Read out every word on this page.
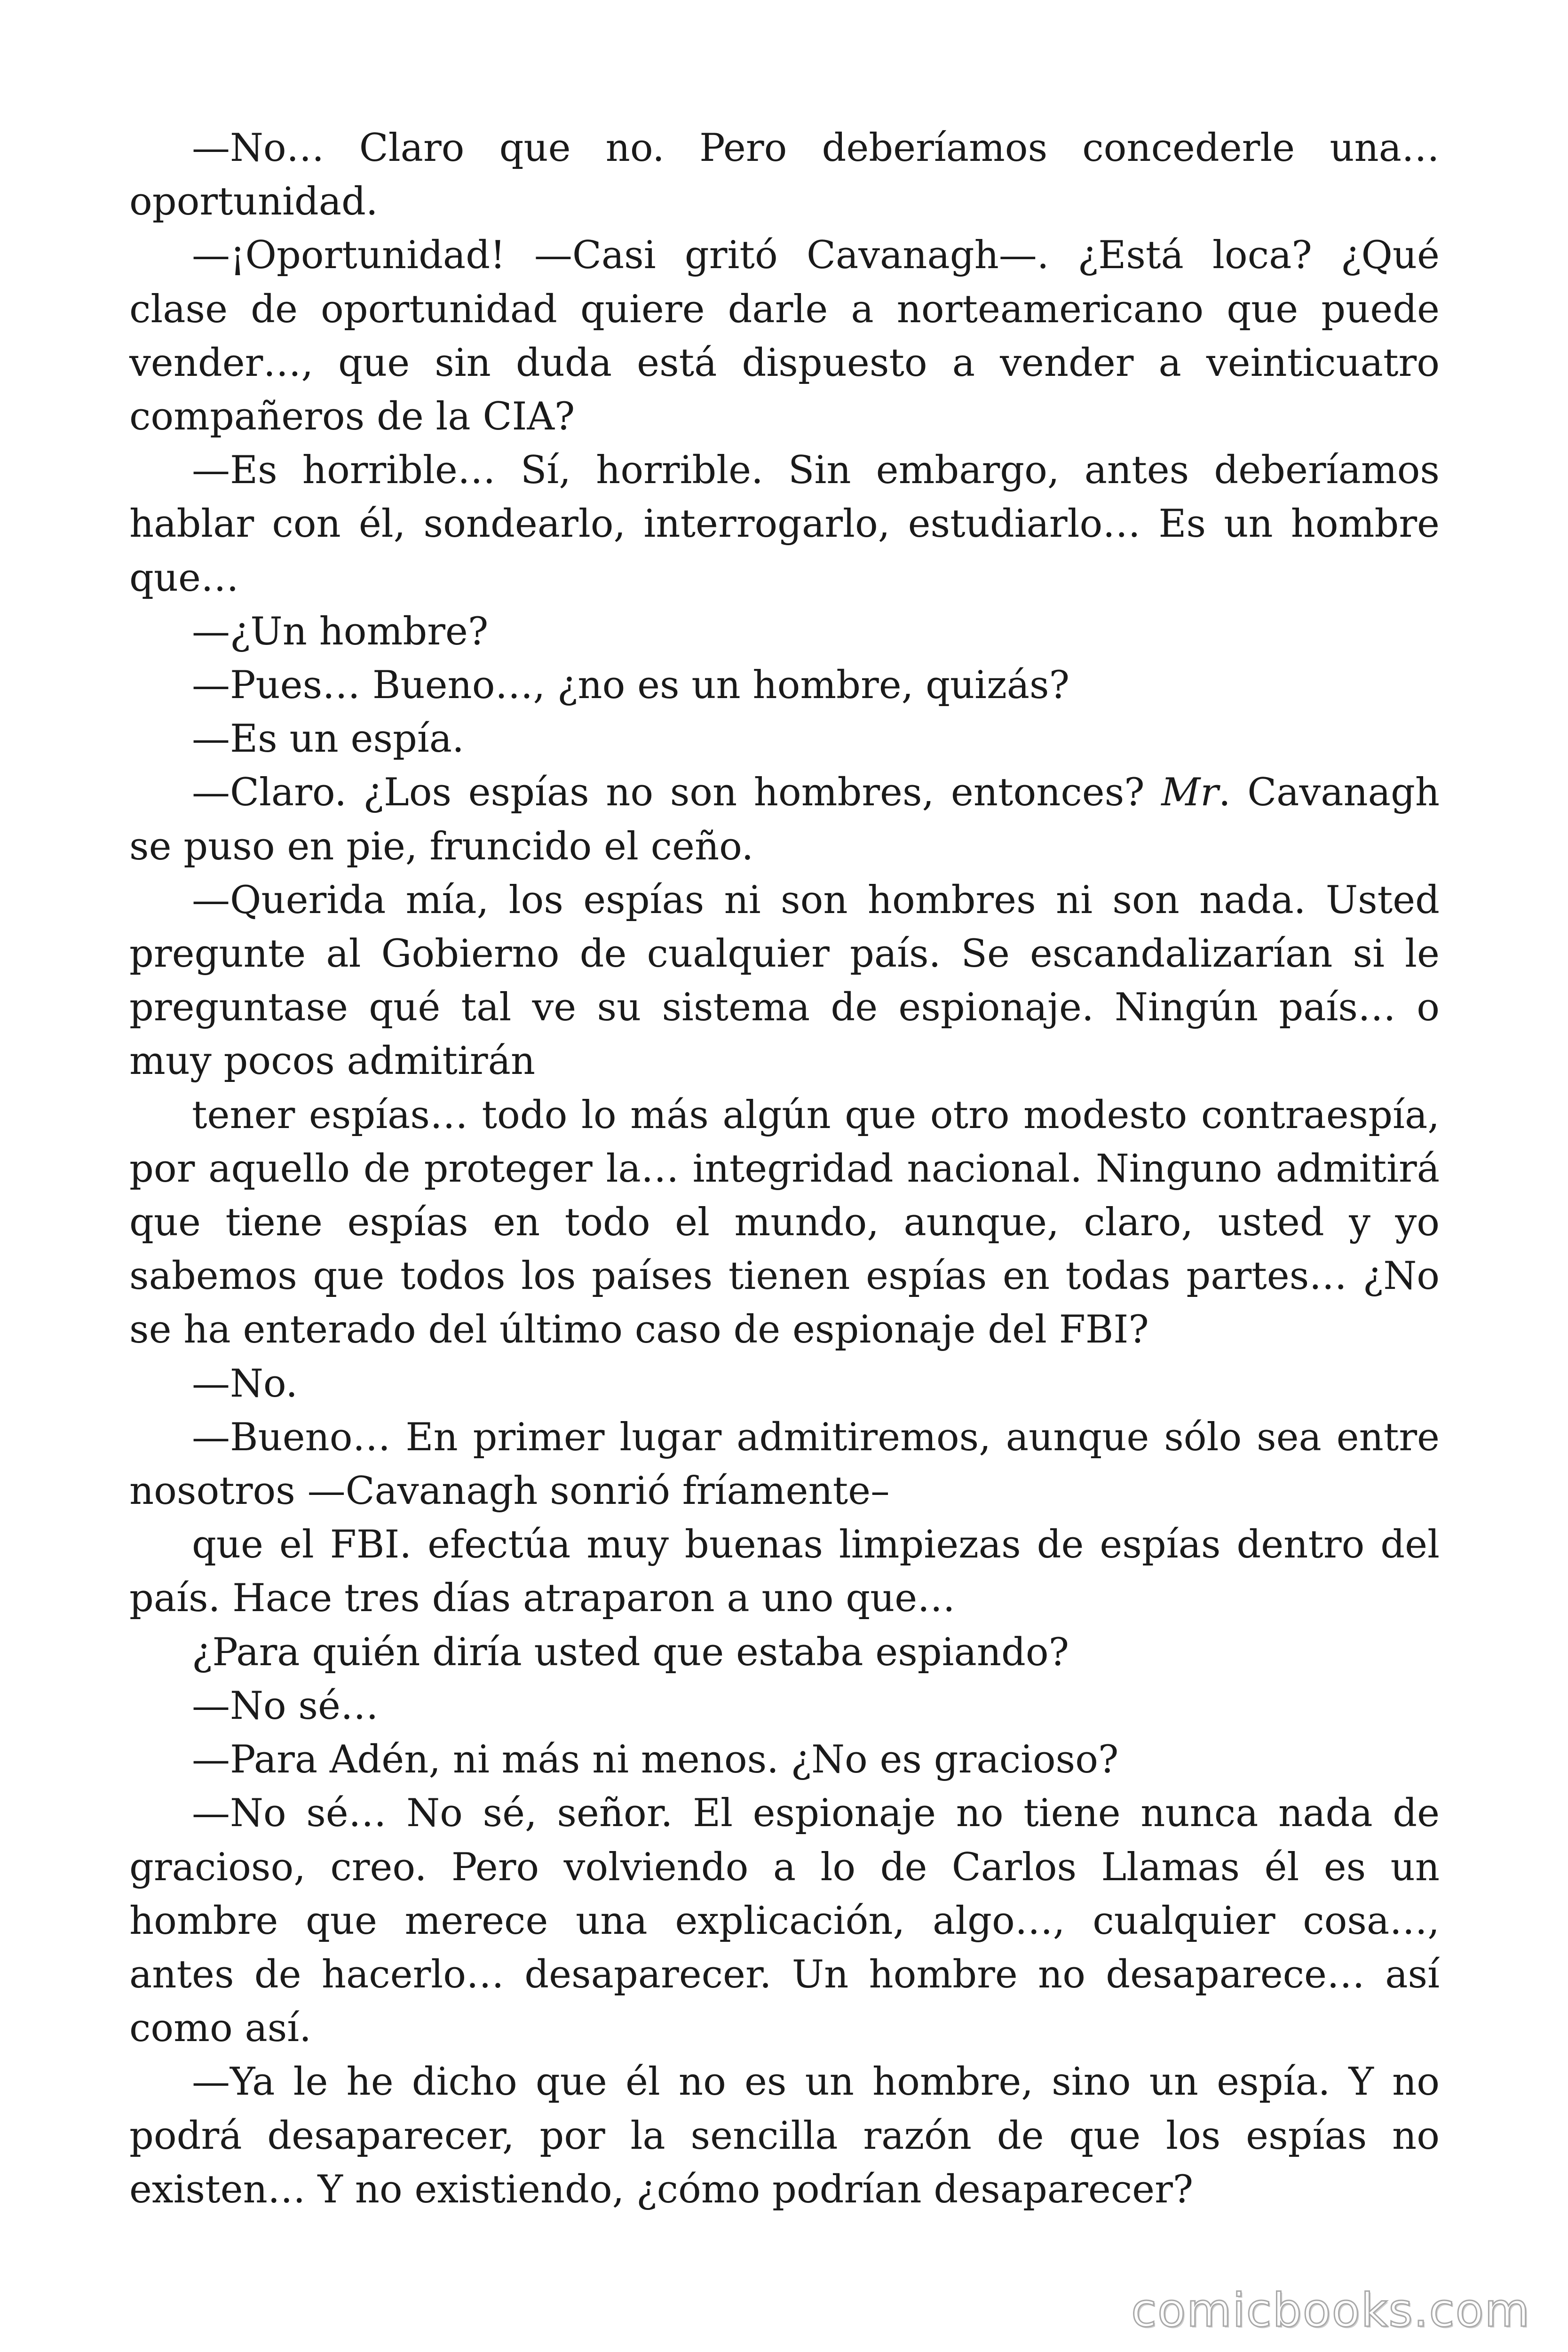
—No… Claro que no. Pero deberíamos concederle una… oportunidad.

—¡Oportunidad! —Casi gritó Cavanagh—. ¿Está loca? ¿Qué clase de oportunidad quiere darle a norteamericano que puede vender…, que sin duda está dispuesto a vender a veinticuatro compañeros de la CIA?

—Es horrible… Sí, horrible. Sin embargo, antes deberíamos hablar con él, sondearlo, interrogarlo, estudiarlo… Es un hombre que…

—¿Un hombre?

—Pues… Bueno…, ¿no es un hombre, quizás?

—Es un espía.

—Claro. ¿Los espías no son hombres, entonces? Mr. Cavanagh se puso en pie, fruncido el ceño.

—Querida mía, los espías ni son hombres ni son nada. Usted pregunte al Gobierno de cualquier país. Se escandalizarían si le preguntase qué tal ve su sistema de espionaje. Ningún país… o muy pocos admitirán

tener espías… todo lo más algún que otro modesto contraespía, por aquello de proteger la… integridad nacional. Ninguno admitirá que tiene espías en todo el mundo, aunque, claro, usted y yo sabemos que todos los países tienen espías en todas partes… ¿No se ha enterado del último caso de espionaje del FBI?

—No.

—Bueno… En primer lugar admitiremos, aunque sólo sea entre nosotros —Cavanagh sonrió fríamente–

que el FBI. efectúa muy buenas limpiezas de espías dentro del país. Hace tres días atraparon a uno que…

¿Para quién diría usted que estaba espiando?

—No sé…

—Para Adén, ni más ni menos. ¿No es gracioso?

—No sé… No sé, señor. El espionaje no tiene nunca nada de gracioso, creo. Pero volviendo a lo de Carlos Llamas él es un hombre que merece una explicación, algo…, cualquier cosa…, antes de hacerlo… desaparecer. Un hombre no desaparece… así como así.

—Ya le he dicho que él no es un hombre, sino un espía. Y no podrá desaparecer, por la sencilla razón de que los espías no existen… Y no existiendo, ¿cómo podrían desaparecer?

comicbooks.com
